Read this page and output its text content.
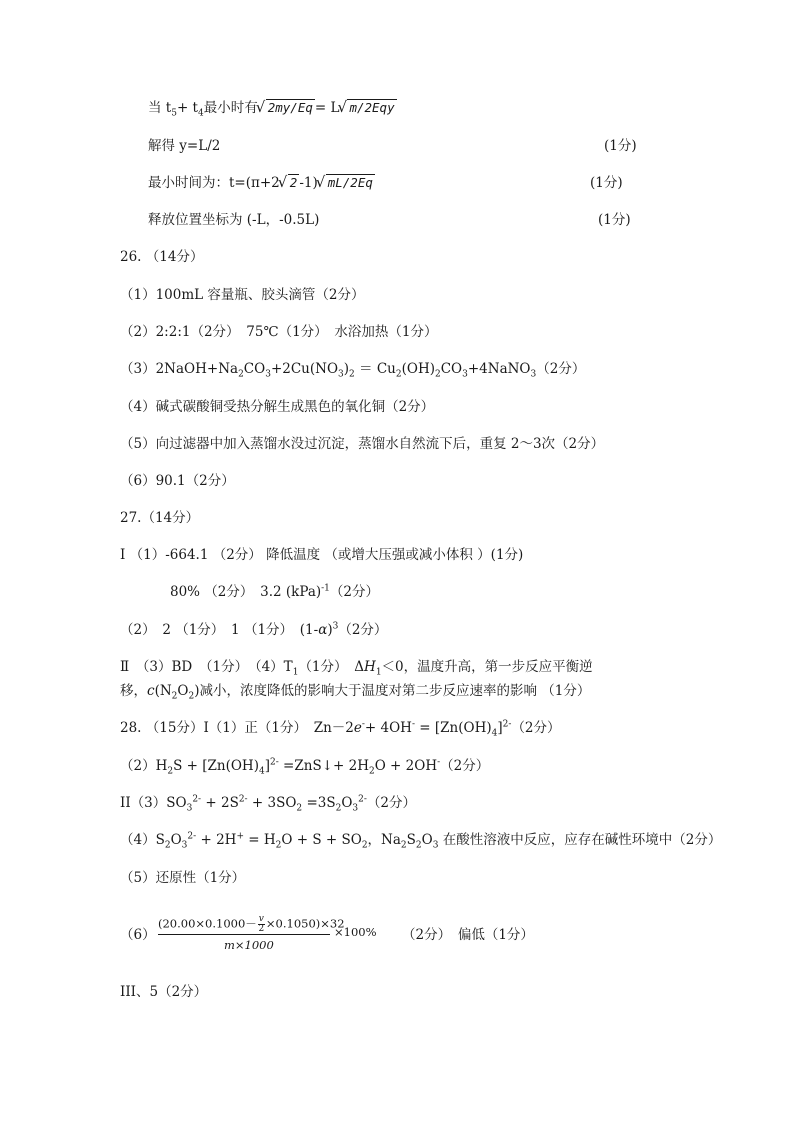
当 $t_5+ t_4$最小时有 √ 2my/Eq = L √ m/2Eqy
解得 y=L/2	(1分)
最小时间为：t=(π+2 √ 2 -1) √ mL/2Eq	(1分)
释放位置坐标为 (-L，-0.5L)	(1分)
26. （14分）
（1）100mL 容量瓶、胶头滴管（2分）
（2）2:2:1（2分）　75℃（1分）　水浴加热（1分）
$(3)2NaOH+Na_2CO_3+2Cu(NO_3)_2$ ＝ $Cu_2(OH)_2CO_3+4NaNO_3(2$分）
（4）碱式碳酸铜受热分解生成黑色的氧化铜（2分）
（5）向过滤器中加入蒸馏水没过沉淀，蒸馏水自然流下后，重复 2～3次（2分）
（6）90.1（2分）
27.（14分）
Ⅰ （1）-664.1 （2分） 降低温度 （或增大压强或减小体积 ）(1分)
80% （2分）　3.2 (kPa)$^{-1}$（2分）
（2）　2 （1分）　1 （1分）　$(1-\alpha)^3(2$分）
Ⅱ　（3）BD　（1分）　$(4)T_1(1$分）　$\Delta H_1<0$，温度升高，第一步反应平衡逆
移，$c(N_2O_2)$减小，浓度降低的影响大于温度对第二步反应速率的影响 （1分）
28. （15分）Ⅰ（1）正（1分）　$Zn-2e^-+ 4OH^- = [Zn(OH)_4]^{2-}(2$分）
$(2)H_2S + [Zn(OH)_4]^{2-}$ =ZnS↓+ $2H_2O + 2OH^-(2$分）
$II(3)SO_3^{2-} + 2S^{2-} + 3SO_2 =3S_2O_3^{2-}(2$分）
$(4)S_2O_3^{2-} + 2H^+ = H_2O + S + SO_2$，$Na_2S_2O_3$ 在酸性溶液中反应，应存在碱性环境中（2分）
（5）还原性（1分）
（6）
$(20.00\times 0.1000- \frac{v}{2}\times 0.1050)\times 32$
m×1000
×100% （2分）　偏低（1分）
III、5（2分）
